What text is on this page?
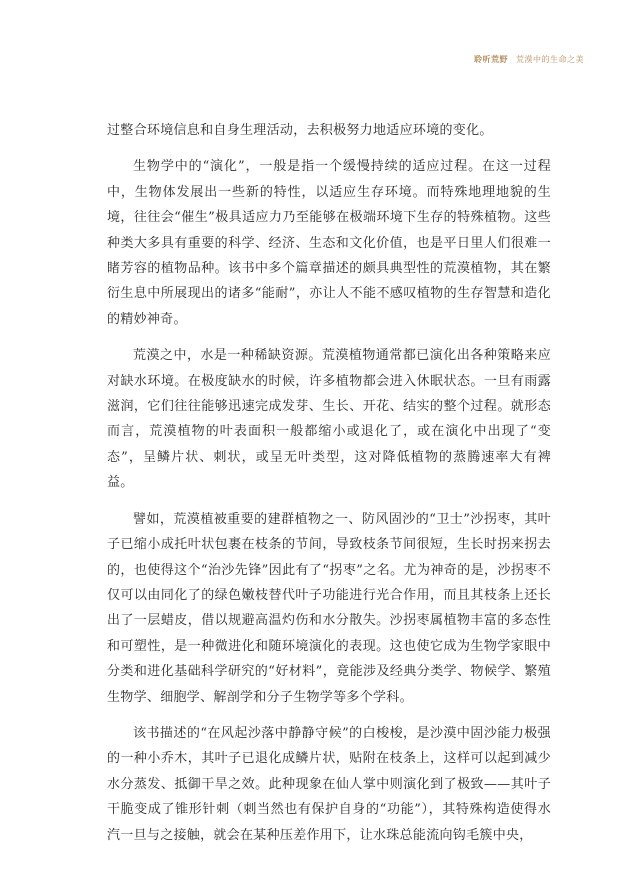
聆听荒野 荒漠中的生命之美

过整合环境信息和自身生理活动，去积极努力地适应环境的变化。

生物学中的“演化”，一般是指一个缓慢持续的适应过程。在这一过程中，生物体发展出一些新的特性，以适应生存环境。而特殊地理地貌的生境，往往会“催生”极具适应力乃至能够在极端环境下生存的特殊植物。这些种类大多具有重要的科学、经济、生态和文化价值，也是平日里人们很难一睹芳容的植物品种。该书中多个篇章描述的颇具典型性的荒漠植物，其在繁衍生息中所展现出的诸多“能耐”，亦让人不能不感叹植物的生存智慧和造化的精妙神奇。

荒漠之中，水是一种稀缺资源。荒漠植物通常都已演化出各种策略来应对缺水环境。在极度缺水的时候，许多植物都会进入休眠状态。一旦有雨露滋润，它们往往能够迅速完成发芽、生长、开花、结实的整个过程。就形态而言，荒漠植物的叶表面积一般都缩小或退化了，或在演化中出现了“变态”，呈鳞片状、刺状，或呈无叶类型，这对降低植物的蒸腾速率大有裨益。

譬如，荒漠植被重要的建群植物之一、防风固沙的“卫士”沙拐枣，其叶子已缩小成托叶状包裹在枝条的节间，导致枝条节间很短，生长时拐来拐去的，也使得这个“治沙先锋”因此有了“拐枣”之名。尤为神奇的是，沙拐枣不仅可以由同化了的绿色嫩枝替代叶子功能进行光合作用，而且其枝条上还长出了一层蜡皮，借以规避高温灼伤和水分散失。沙拐枣属植物丰富的多态性和可塑性，是一种微进化和随环境演化的表现。这也使它成为生物学家眼中分类和进化基础科学研究的“好材料”，竟能涉及经典分类学、物候学、繁殖生物学、细胞学、解剖学和分子生物学等多个学科。

该书描述的“在风起沙落中静静守候”的白梭梭，是沙漠中固沙能力极强的一种小乔木，其叶子已退化成鳞片状，贴附在枝条上，这样可以起到减少水分蒸发、抵御干旱之效。此种现象在仙人掌中则演化到了极致——其叶子干脆变成了锥形针刺（刺当然也有保护自身的“功能”），其特殊构造使得水汽一旦与之接触，就会在某种压差作用下，让水珠总能流向钩毛簇中央，
